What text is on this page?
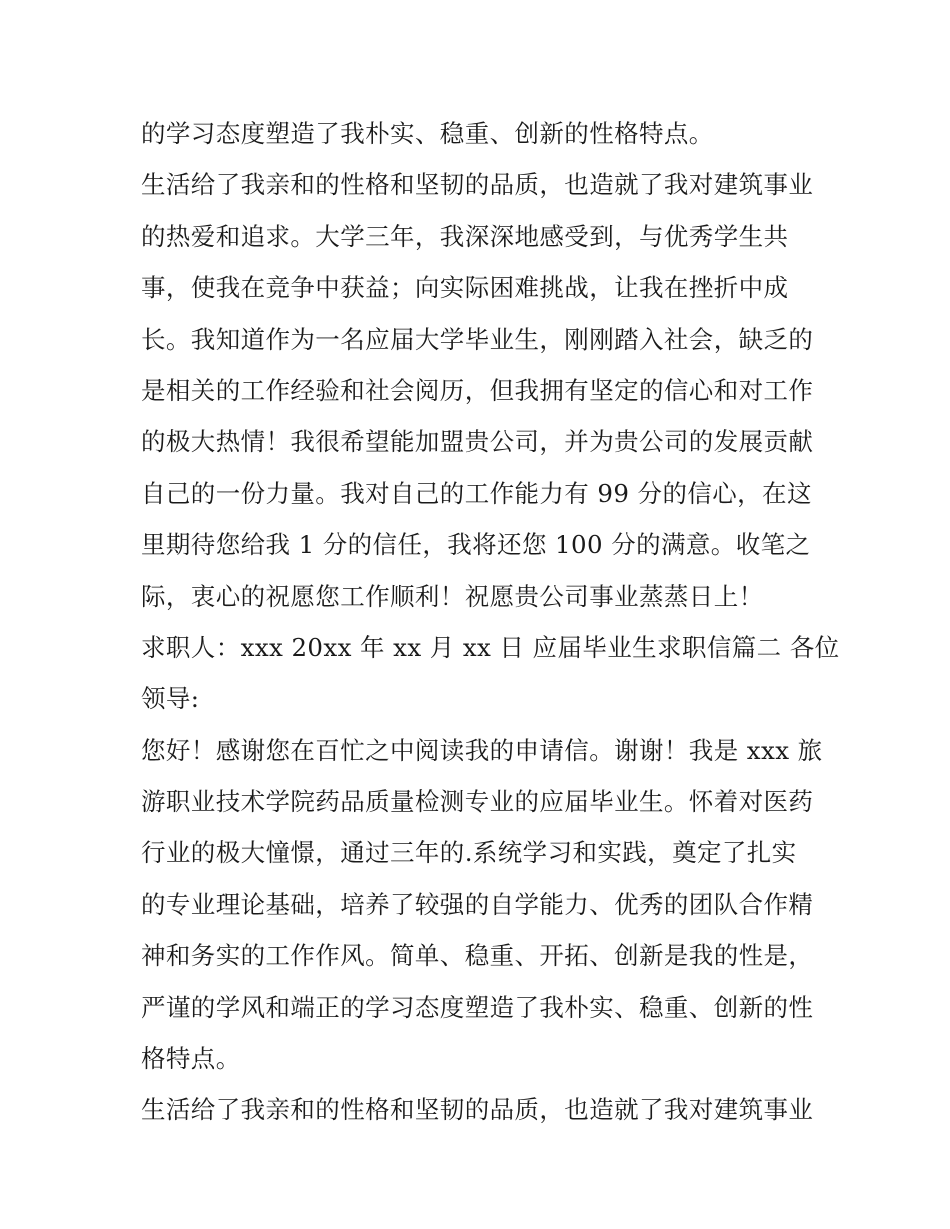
的学习态度塑造了我朴实、稳重、创新的性格特点。
生活给了我亲和的性格和坚韧的品质，也造就了我对建筑事业
的热爱和追求。大学三年，我深深地感受到，与优秀学生共
事，使我在竞争中获益；向实际困难挑战，让我在挫折中成
长。我知道作为一名应届大学毕业生，刚刚踏入社会，缺乏的
是相关的工作经验和社会阅历，但我拥有坚定的信心和对工作
的极大热情！我很希望能加盟贵公司，并为贵公司的发展贡献
自己的一份力量。我对自己的工作能力有 99 分的信心，在这
里期待您给我 1 分的信任，我将还您 100 分的满意。收笔之
际，衷心的祝愿您工作顺利！祝愿贵公司事业蒸蒸日上！
求职人：xxx 20xx 年 xx 月 xx 日 应届毕业生求职信篇二 各位
领导:
您好！感谢您在百忙之中阅读我的申请信。谢谢！我是 xxx 旅
游职业技术学院药品质量检测专业的应届毕业生。怀着对医药
行业的极大憧憬，通过三年的.系统学习和实践，奠定了扎实
的专业理论基础，培养了较强的自学能力、优秀的团队合作精
神和务实的工作作风。简单、稳重、开拓、创新是我的性是，
严谨的学风和端正的学习态度塑造了我朴实、稳重、创新的性
格特点。
生活给了我亲和的性格和坚韧的品质，也造就了我对建筑事业
